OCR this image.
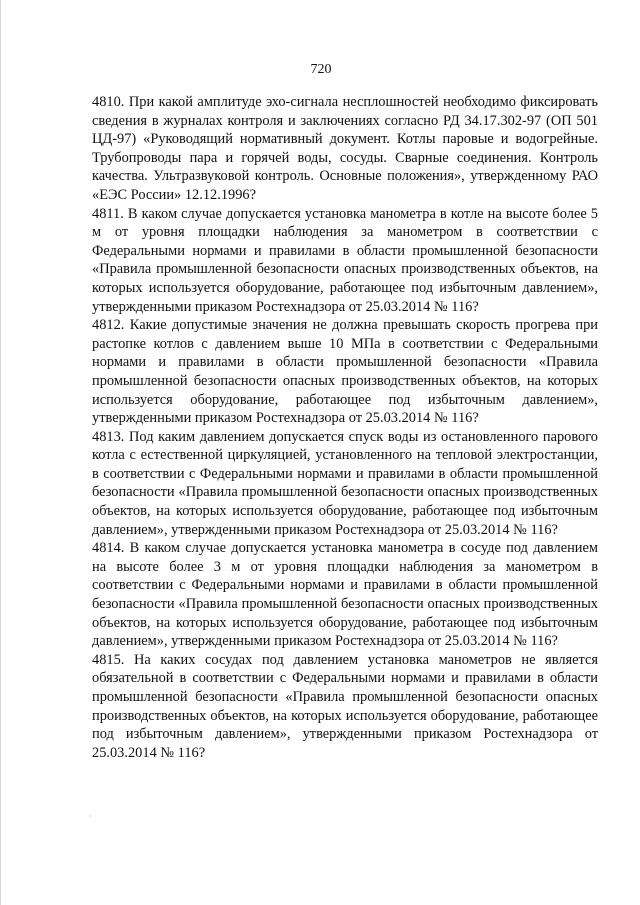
720

4810. При какой амплитуде эхо-сигнала несплошностей необходимо фиксировать сведения в журналах контроля и заключениях согласно РД 34.17.302-97 (ОП 501 ЦД-97) «Руководящий нормативный документ. Котлы паровые и водогрейные. Трубопроводы пара и горячей воды, сосуды. Сварные соединения. Контроль качества. Ультразвуковой контроль. Основные положения», утвержденному РАО «ЕЭС России» 12.12.1996?

4811. В каком случае допускается установка манометра в котле на высоте более 5 м от уровня площадки наблюдения за манометром в соответствии с Федеральными нормами и правилами в области промышленной безопасности «Правила промышленной безопасности опасных производственных объектов, на которых используется оборудование, работающее под избыточным давлением», утвержденными приказом Ростехнадзора от 25.03.2014 № 116?

4812. Какие допустимые значения не должна превышать скорость прогрева при растопке котлов с давлением выше 10 МПа в соответствии с Федеральными нормами и правилами в области промышленной безопасности «Правила промышленной безопасности опасных производственных объектов, на которых используется оборудование, работающее под избыточным давлением», утвержденными приказом Ростехнадзора от 25.03.2014 № 116?

4813. Под каким давлением допускается спуск воды из остановленного парового котла с естественной циркуляцией, установленного на тепловой электростанции, в соответствии с Федеральными нормами и правилами в области промышленной безопасности «Правила промышленной безопасности опасных производственных объектов, на которых используется оборудование, работающее под избыточным давлением», утвержденными приказом Ростехнадзора от 25.03.2014 № 116?

4814. В каком случае допускается установка манометра в сосуде под давлением на высоте более 3 м от уровня площадки наблюдения за манометром в соответствии с Федеральными нормами и правилами в области промышленной безопасности «Правила промышленной безопасности опасных производственных объектов, на которых используется оборудование, работающее под избыточным давлением», утвержденными приказом Ростехнадзора от 25.03.2014 № 116?

4815. На каких сосудах под давлением установка манометров не является обязательной в соответствии с Федеральными нормами и правилами в области промышленной безопасности «Правила промышленной безопасности опасных производственных объектов, на которых используется оборудование, работающее под избыточным давлением», утвержденными приказом Ростехнадзора от 25.03.2014 № 116?

·
